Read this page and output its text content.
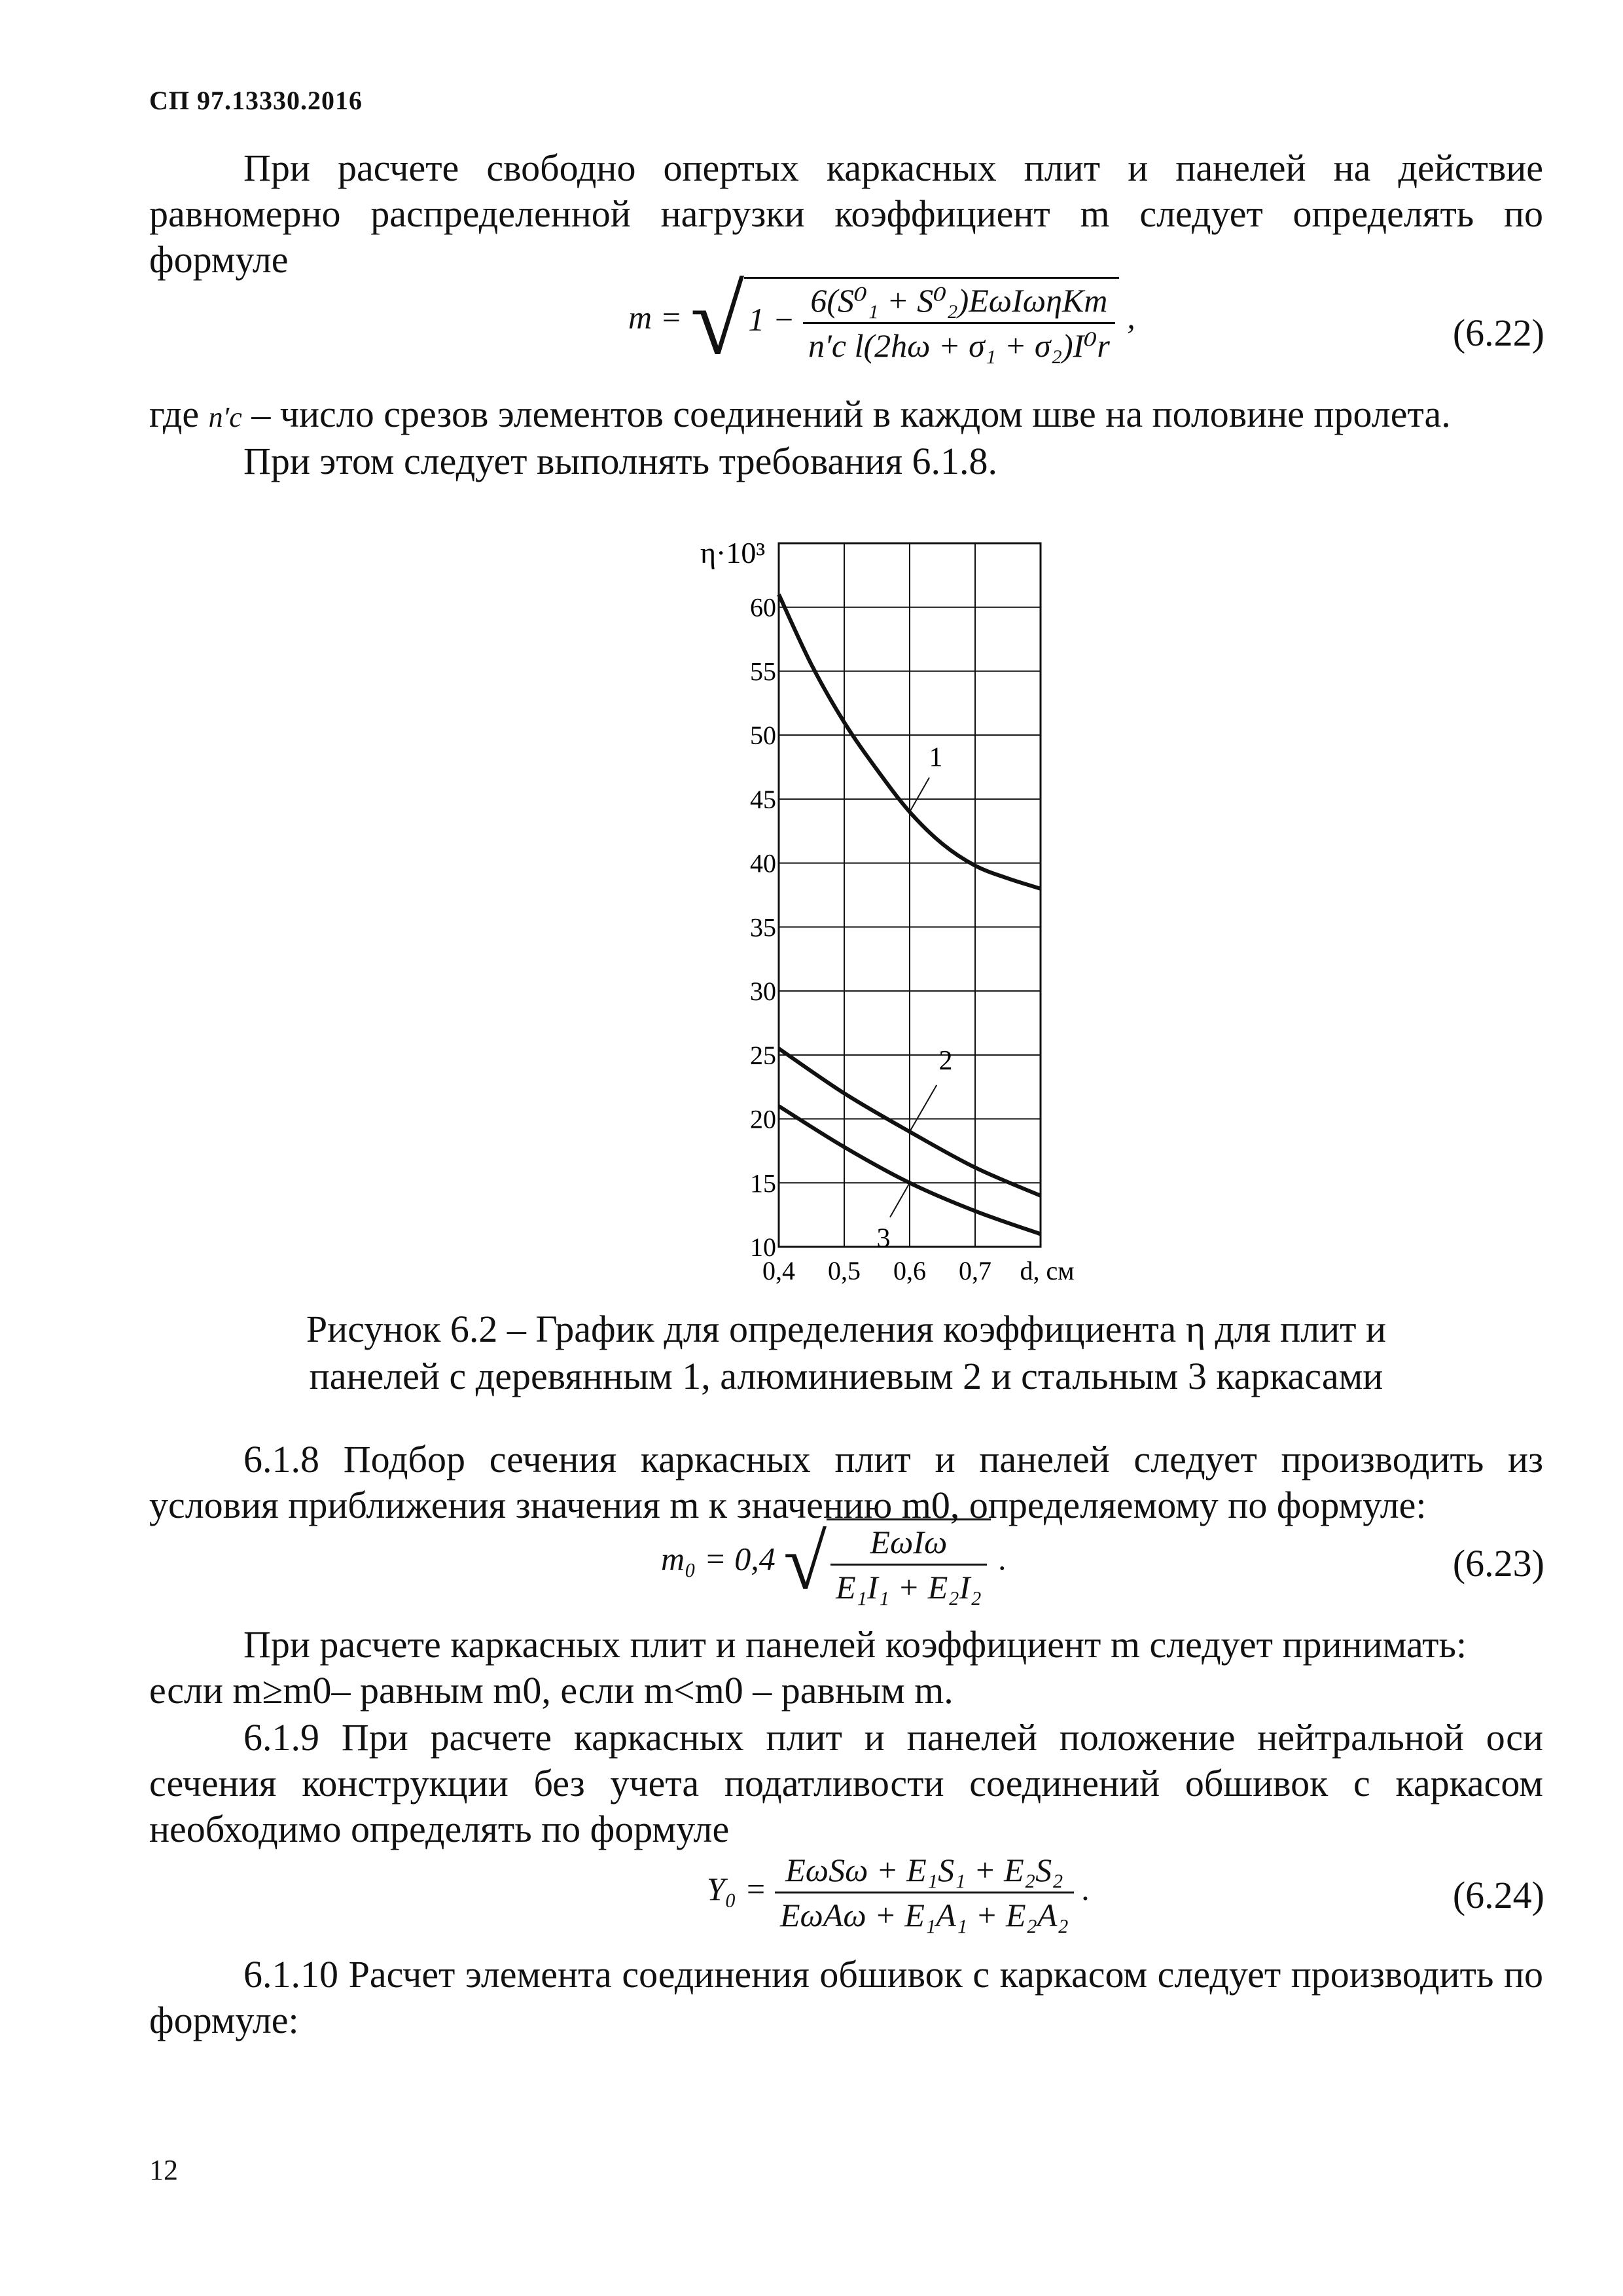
СП 97.13330.2016
При расчете свободно опертых каркасных плит и панелей на действие равномерно распределенной нагрузки коэффициент m следует определять по формуле
m = √ $1 - \frac{\text{6(S⁰₁ + S⁰₂)EωIωηKm}}{\text{n′c l(2hω + σ₁ + σ₂)I⁰r}}$ ,	(6.22)
где n′c – число срезов элементов соединений в каждом шве на половине пролета.
При этом следует выполнять требования 6.1.8.
10
15
20
25
30
35
40
45
50
55
60
0,4 0,5 0,6 0,7 d, см
η·10³
1
2
3
Рисунок 6.2 – График для определения коэффициента η для плит и
панелей с деревянным 1, алюминиевым 2 и стальным 3 каркасами
6.1.8 Подбор сечения каркасных плит и панелей следует производить из условия приближения значения m к значению m0, определяемому по формуле:
m₀ = 0,4 √ $\frac{\text{EωIω}}{\text{E₁I₁ + E₂I₂}}$ .	(6.23)
При расчете каркасных плит и панелей коэффициент m следует принимать:
если m≥m0– равным m0, если m<m0 – равным m.
6.1.9 При расчете каркасных плит и панелей положение нейтральной оси сечения конструкции без учета податливости соединений обшивок с каркасом необходимо определять по формуле
$Y_0 = \frac{\text{EωSω + E₁S₁ + E₂S₂}}{\text{EωAω + E₁A₁ + E₂A₂}}$ .	(6.24)
6.1.10 Расчет элемента соединения обшивок с каркасом следует производить по формуле:
12
